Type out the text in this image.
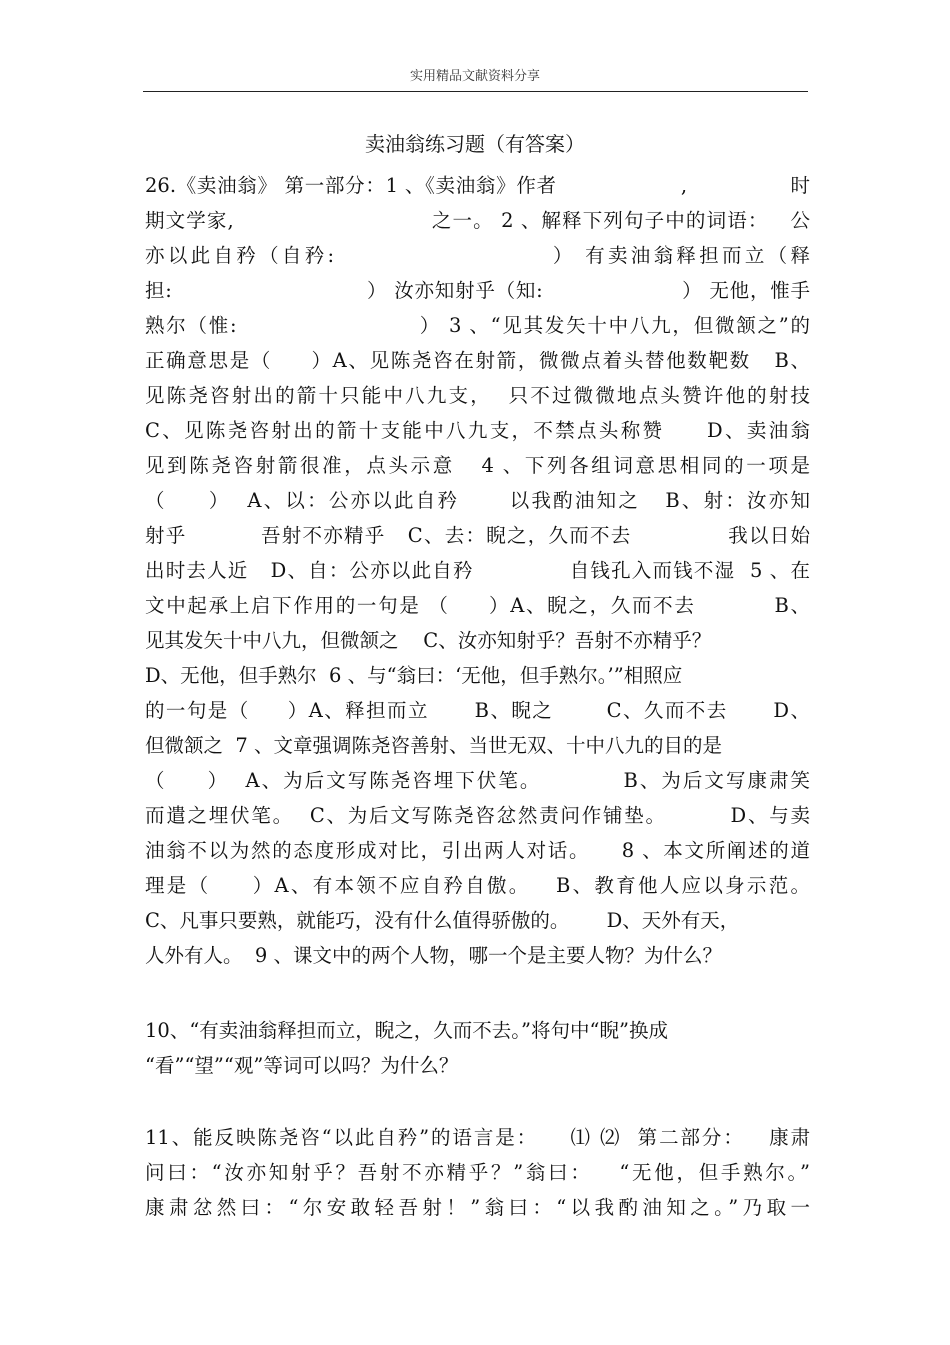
实用精品文献资料分享
卖油翁练习题（有答案）
26.《卖油翁》 第一部分：1 、《卖油翁》作者                  ,               时
期文学家,                           之一。 2 、解释下列句子中的词语：   公
亦以此自矜（自矜:                       ） 有卖油翁释担而立（释
担:                            ） 汝亦知射乎（知:                    ） 无他，惟手
熟尔（惟:                       ） 3 、“见其发矢十中八九，但微颔之”的
正确意思是（     ）A、见陈尧咨在射箭，微微点着头替他数靶数   B、
见陈尧咨射出的箭十只能中八九支，  只不过微微地点头赞许他的射技
C、见陈尧咨射出的箭十支能中八九支，不禁点头称赞     D、卖油翁
见到陈尧咨射箭很准，点头示意   4 、下列各组词意思相同的一项是
（     ）  A、以：公亦以此自矜      以我酌油知之   B、射：汝亦知
射乎          吾射不亦精乎   C、去：睨之，久而不去             我以日始
出时去人近   D、自：公亦以此自矜             自钱孔入而钱不湿  5 、在
文中起承上启下作用的一句是 （     ）A、睨之，久而不去          B、
见其发矢十中八九，但微颔之    C、汝亦知射乎？吾射不亦精乎？
D、无他，但手熟尔  6 、与“翁曰：‘无他，但手熟尔。’”相照应
的一句是（     ）A、释担而立      B、睨之       C、久而不去      D、
但微颔之  7 、文章强调陈尧咨善射、当世无双、十中八九的目的是
（     ）  A、为后文写陈尧咨埋下伏笔。          B、为后文写康肃笑
而遣之埋伏笔。  C、为后文写陈尧咨忿然责问作铺垫。        D、与卖
油翁不以为然的态度形成对比，引出两人对话。    8 、本文所阐述的道
理是（     ）A、有本领不应自矜自傲。   B、教育他人应以身示范。
C、凡事只要熟，就能巧，没有什么值得骄傲的。      D、天外有天，
人外有人。  9 、课文中的两个人物，哪一个是主要人物？为什么？
10、“有卖油翁释担而立，睨之，久而不去。”将句中“睨”换成
“看”“望”“观”等词可以吗？为什么？
11、能反映陈尧咨“以此自矜”的语言是：    ⑴ ⑵  第二部分：   康肃
问曰：“汝亦知射乎？吾射不亦精乎？”翁曰：   “无他，但手熟尔。”
康肃忿然曰：“尔安敢轻吾射！”翁曰：“以我酌油知之。”乃取一
